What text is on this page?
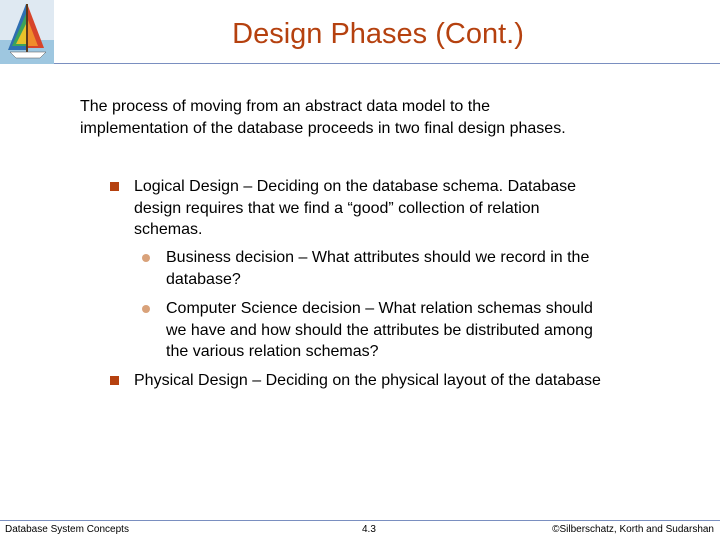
Design Phases (Cont.)
The process of moving from an abstract data model to the implementation of the database proceeds in two final design phases.
Logical Design – Deciding on the database schema. Database design requires that we find a “good” collection of relation schemas.
Business decision – What attributes should we record in the database?
Computer Science decision – What relation schemas should we have and how should the attributes be distributed among the various relation schemas?
Physical Design – Deciding on the physical layout of the database
Database System Concepts	4.3	©Silberschatz, Korth and Sudarshan
